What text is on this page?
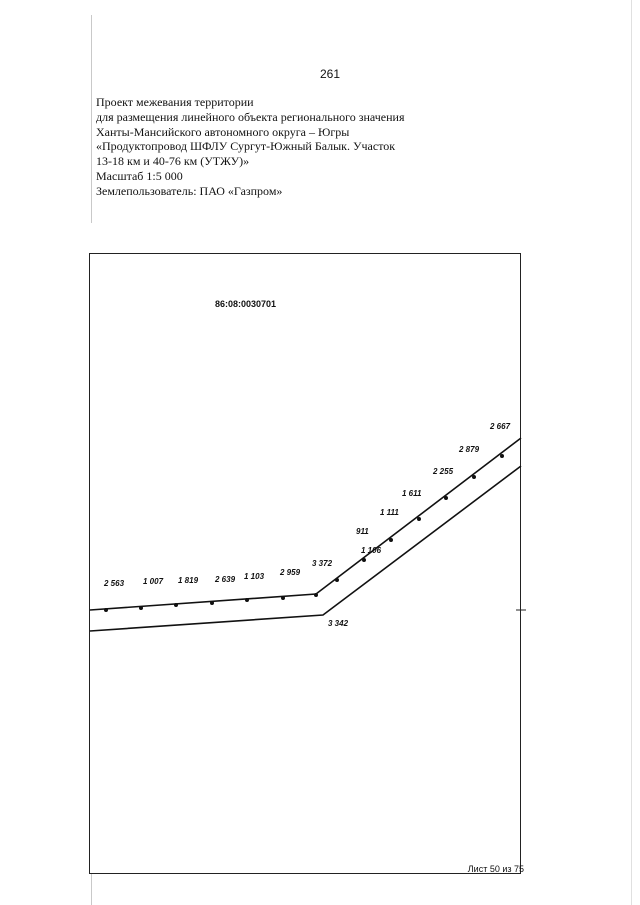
261
Проект межевания территории
для размещения линейного объекта регионального значения
Ханты-Мансийского автономного округа – Югры
«Продуктопровод ШФЛУ Сургут-Южный Балык. Участок
13-18 км и 40-76 км (УТЖУ)»
Масштаб 1:5 000
Землепользователь: ПАО «Газпром»
86:08:0030701
2 563 1 007 1 819 2 639 1 103 2 959
3 372
1 106
911
1 111
1 611
2 255
2 879
2 667
3 342
Лист 50 из 75
